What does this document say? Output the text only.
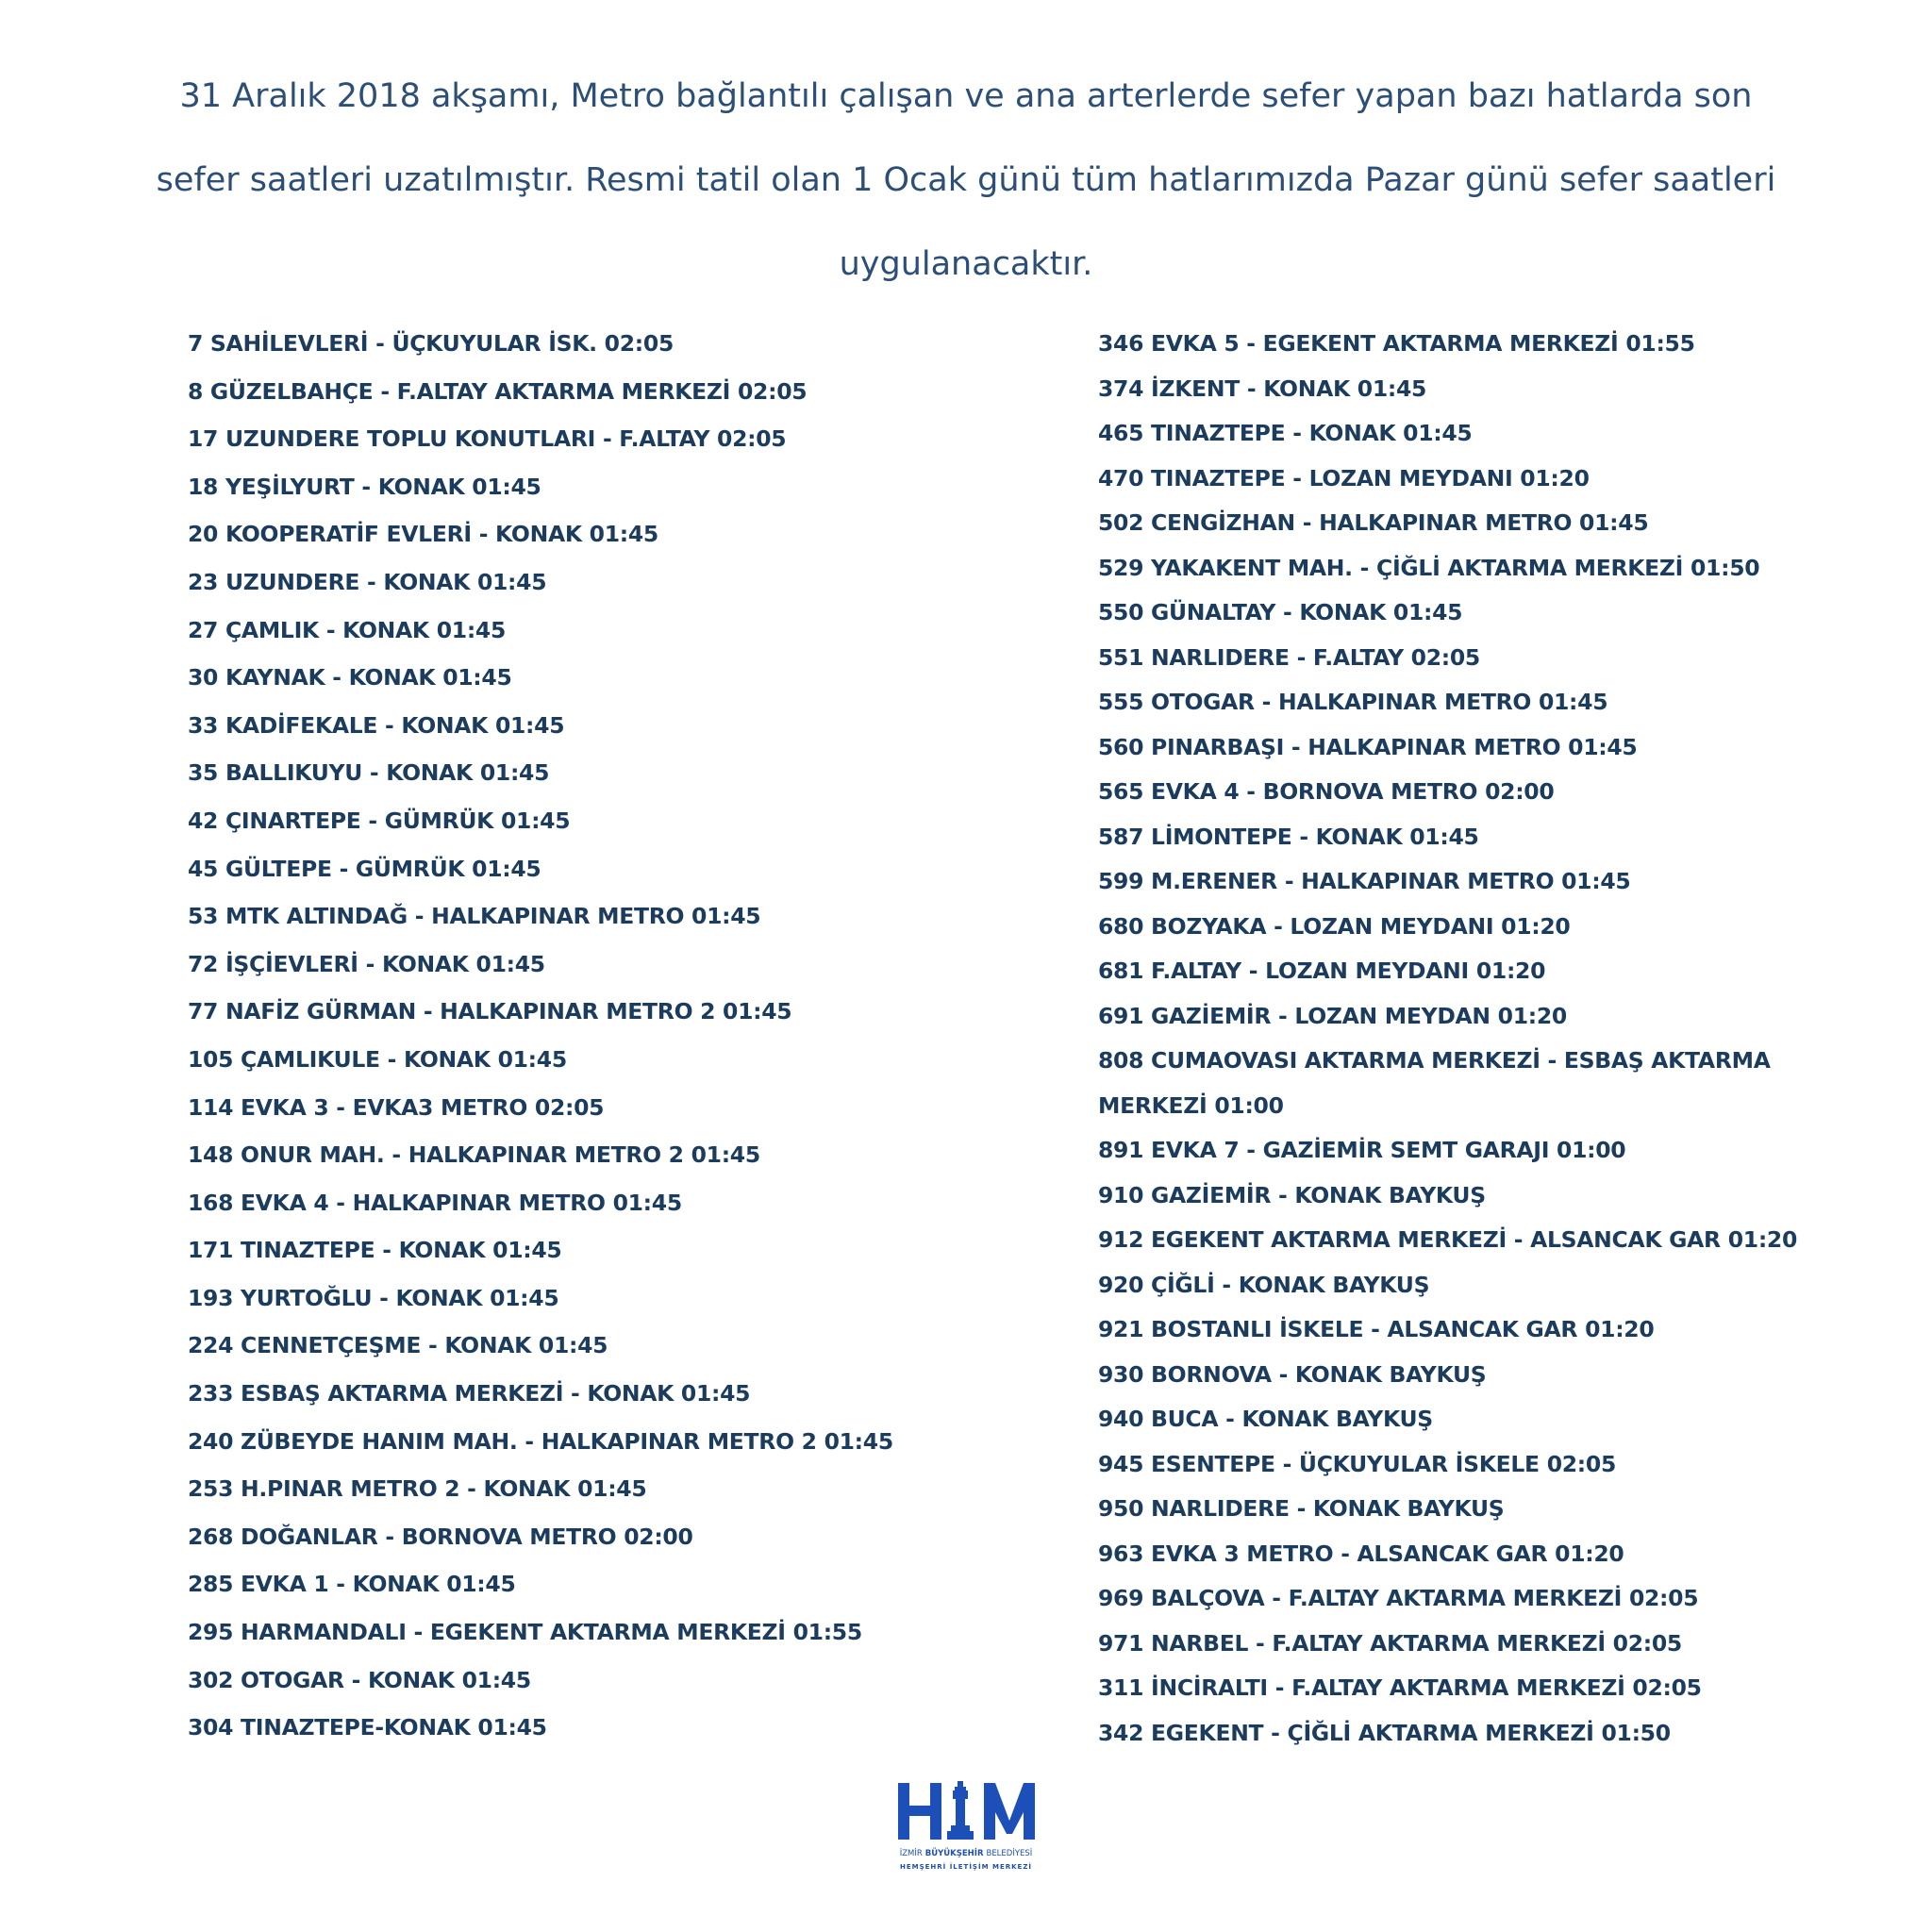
31 Aralık 2018 akşamı, Metro bağlantılı çalışan ve ana arterlerde sefer yapan bazı hatlarda son sefer saatleri uzatılmıştır. Resmi tatil olan 1 Ocak günü tüm hatlarımızda Pazar günü sefer saatleri uygulanacaktır.

7 SAHİLEVLERİ - ÜÇKUYULAR İSK. 02:05
8 GÜZELBAHÇE - F.ALTAY AKTARMA MERKEZİ 02:05
17 UZUNDERE TOPLU KONUTLARI - F.ALTAY 02:05
18 YEŞİLYURT - KONAK 01:45
20 KOOPERATİF EVLERİ - KONAK 01:45
23 UZUNDERE - KONAK 01:45
27 ÇAMLIK - KONAK 01:45
30 KAYNAK - KONAK 01:45
33 KADİFEKALE - KONAK 01:45
35 BALLIKUYU - KONAK 01:45
42 ÇINARTEPE - GÜMRÜK 01:45
45 GÜLTEPE - GÜMRÜK 01:45
53 MTK ALTINDAĞ - HALKAPINAR METRO 01:45
72 İŞÇİEVLERİ - KONAK 01:45
77 NAFİZ GÜRMAN - HALKAPINAR METRO 2 01:45
105 ÇAMLIKULE - KONAK 01:45
114 EVKA 3 - EVKA3 METRO 02:05
148 ONUR MAH. - HALKAPINAR METRO 2 01:45
168 EVKA 4 - HALKAPINAR METRO 01:45
171 TINAZTEPE - KONAK 01:45
193 YURTOĞLU - KONAK 01:45
224 CENNETÇEŞME - KONAK 01:45
233 ESBAŞ AKTARMA MERKEZİ - KONAK 01:45
240 ZÜBEYDE HANIM MAH. - HALKAPINAR METRO 2 01:45
253 H.PINAR METRO 2 - KONAK 01:45
268 DOĞANLAR - BORNOVA METRO 02:00
285 EVKA 1 - KONAK 01:45
295 HARMANDALI - EGEKENT AKTARMA MERKEZİ 01:55
302 OTOGAR - KONAK 01:45
304 TINAZTEPE-KONAK 01:45
346 EVKA 5 - EGEKENT AKTARMA MERKEZİ 01:55
374 İZKENT - KONAK 01:45
465 TINAZTEPE - KONAK 01:45
470 TINAZTEPE - LOZAN MEYDANI 01:20
502 CENGİZHAN - HALKAPINAR METRO 01:45
529 YAKAKENT MAH. - ÇİĞLİ AKTARMA MERKEZİ 01:50
550 GÜNALTAY - KONAK 01:45
551 NARLIDERE - F.ALTAY 02:05
555 OTOGAR - HALKAPINAR METRO 01:45
560 PINARBAŞI - HALKAPINAR METRO 01:45
565 EVKA 4 - BORNOVA METRO 02:00
587 LİMONTEPE - KONAK 01:45
599 M.ERENER - HALKAPINAR METRO 01:45
680 BOZYAKA - LOZAN MEYDANI 01:20
681 F.ALTAY - LOZAN MEYDANI 01:20
691 GAZİEMİR - LOZAN MEYDAN 01:20
808 CUMAOVASI AKTARMA MERKEZİ - ESBAŞ AKTARMA MERKEZİ 01:00
891 EVKA 7 - GAZİEMİR SEMT GARAJI 01:00
910 GAZİEMİR - KONAK BAYKUŞ
912 EGEKENT AKTARMA MERKEZİ - ALSANCAK GAR 01:20
920 ÇİĞLİ - KONAK BAYKUŞ
921 BOSTANLI İSKELE - ALSANCAK GAR 01:20
930 BORNOVA - KONAK BAYKUŞ
940 BUCA - KONAK BAYKUŞ
945 ESENTEPE - ÜÇKUYULAR İSKELE 02:05
950 NARLIDERE - KONAK BAYKUŞ
963 EVKA 3 METRO - ALSANCAK GAR 01:20
969 BALÇOVA - F.ALTAY AKTARMA MERKEZİ 02:05
971 NARBEL - F.ALTAY AKTARMA MERKEZİ 02:05
311 İNCİRALTI - F.ALTAY AKTARMA MERKEZİ 02:05
342 EGEKENT - ÇİĞLİ AKTARMA MERKEZİ 01:50
İZMİR BÜYÜKŞEHİR BELEDİYESİ
HEMŞEHRİ İLETİŞİM MERKEZİ
